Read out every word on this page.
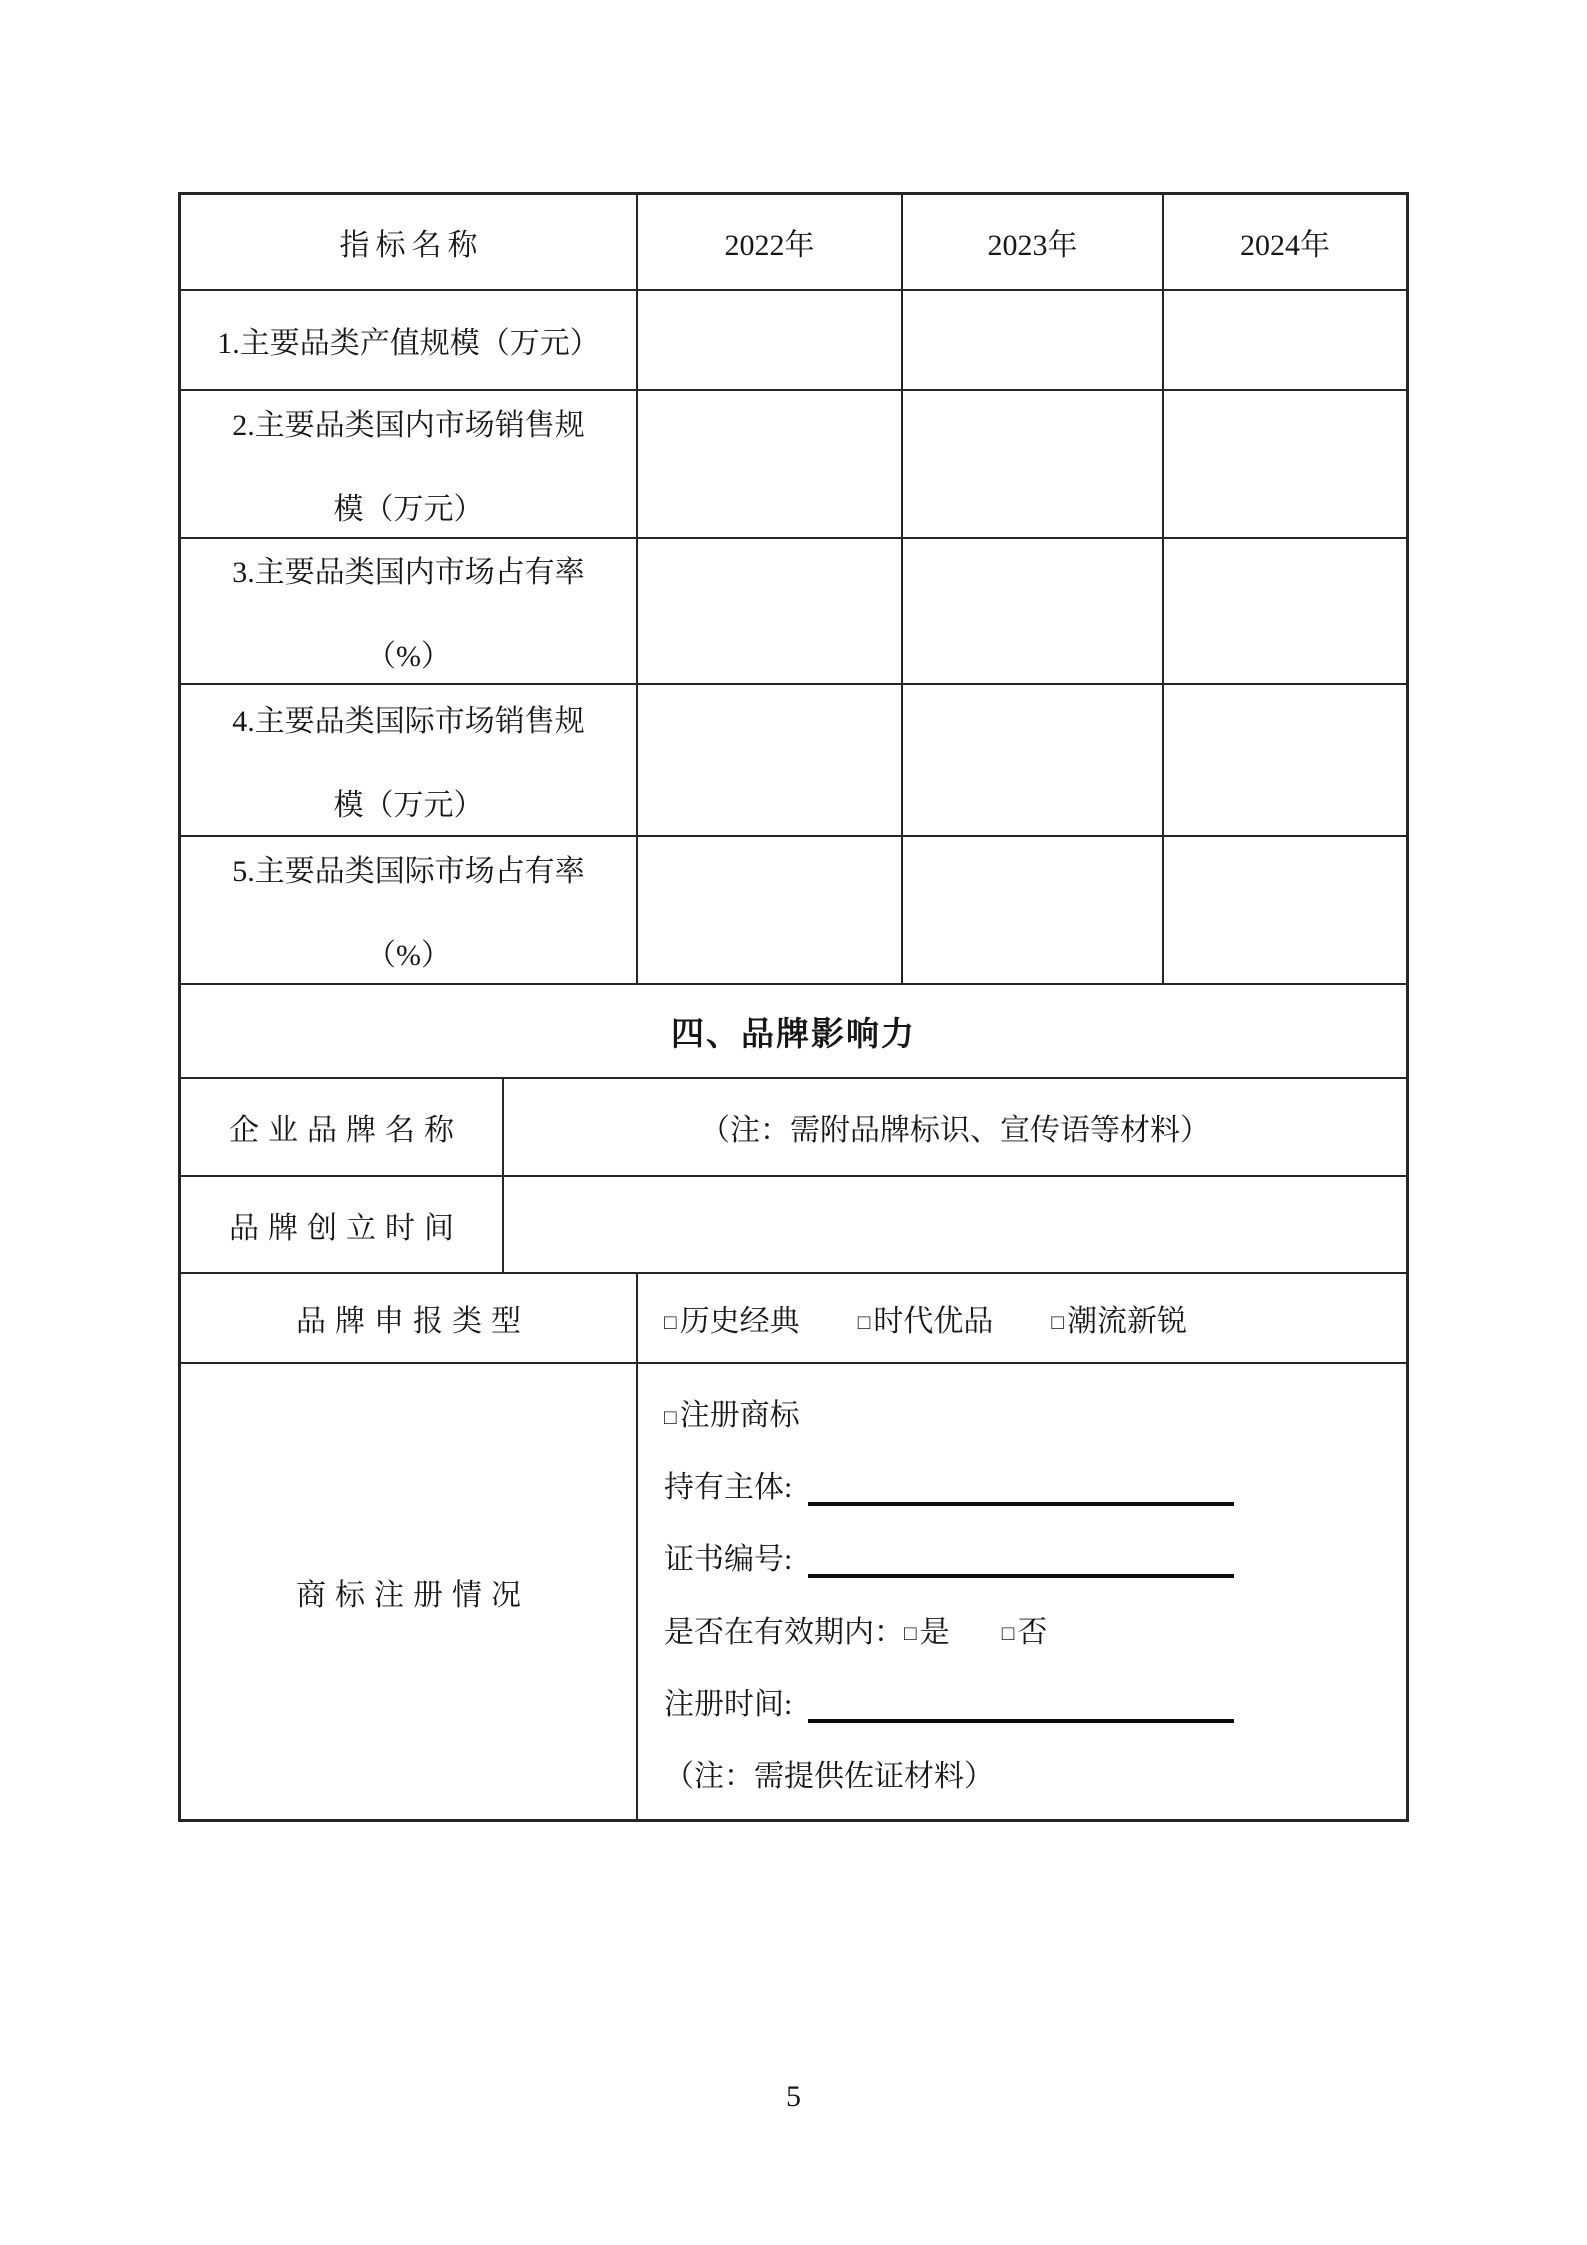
指标名称	2022年	2023年	2024年
1.主要品类产值规模（万元）
2.主要品类国内市场销售规
模（万元）
3.主要品类国内市场占有率
（%）
4.主要品类国际市场销售规
模（万元）
5.主要品类国际市场占有率
（%）
四、品牌影响力
企业品牌名称	（注：需附品牌标识、宣传语等材料）
品牌创立时间
品牌申报类型	□ 历史经典	□ 时代优品	□ 潮流新锐
商标注册情况
□ 注册商标
持有主体:
证书编号:
是否在有效期内： □ 是 □ 否
注册时间:
（注：需提供佐证材料）
5
